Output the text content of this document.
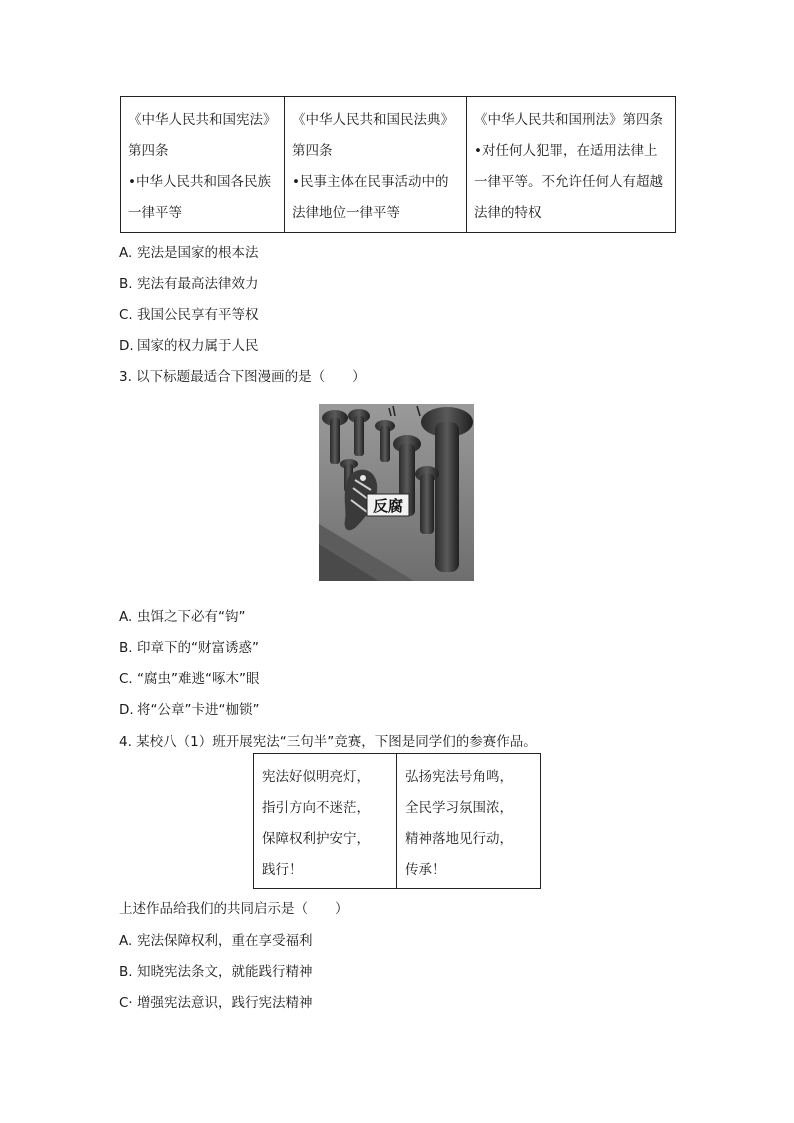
《中华人民共和国宪法》
第四条
•中华人民共和国各民族
一律平等

《中华人民共和国民法典》
第四条
•民事主体在民事活动中的
法律地位一律平等

《中华人民共和国刑法》第四条
•对任何人犯罪，在适用法律上
一律平等。不允许任何人有超越
法律的特权
A. 宪法是国家的根本法
B. 宪法有最高法律效力
C. 我国公民享有平等权
D. 国家的权力属于人民
3. 以下标题最适合下图漫画的是（　　）
反腐
A. 虫饵之下必有“钩”
B. 印章下的“财富诱惑”
C. “腐虫”难逃“啄木”眼
D. 将“公章”卡进“枷锁”
4. 某校八（1）班开展宪法“三句半”竞赛，下图是同学们的参赛作品。
宪法好似明亮灯，
指引方向不迷茫，
保障权利护安宁，
践行！

弘扬宪法号角鸣，
全民学习氛围浓，
精神落地见行动，
传承！
上述作品给我们的共同启示是（　　）
A. 宪法保障权利，重在享受福利
B. 知晓宪法条文，就能践行精神
C· 增强宪法意识，践行宪法精神
